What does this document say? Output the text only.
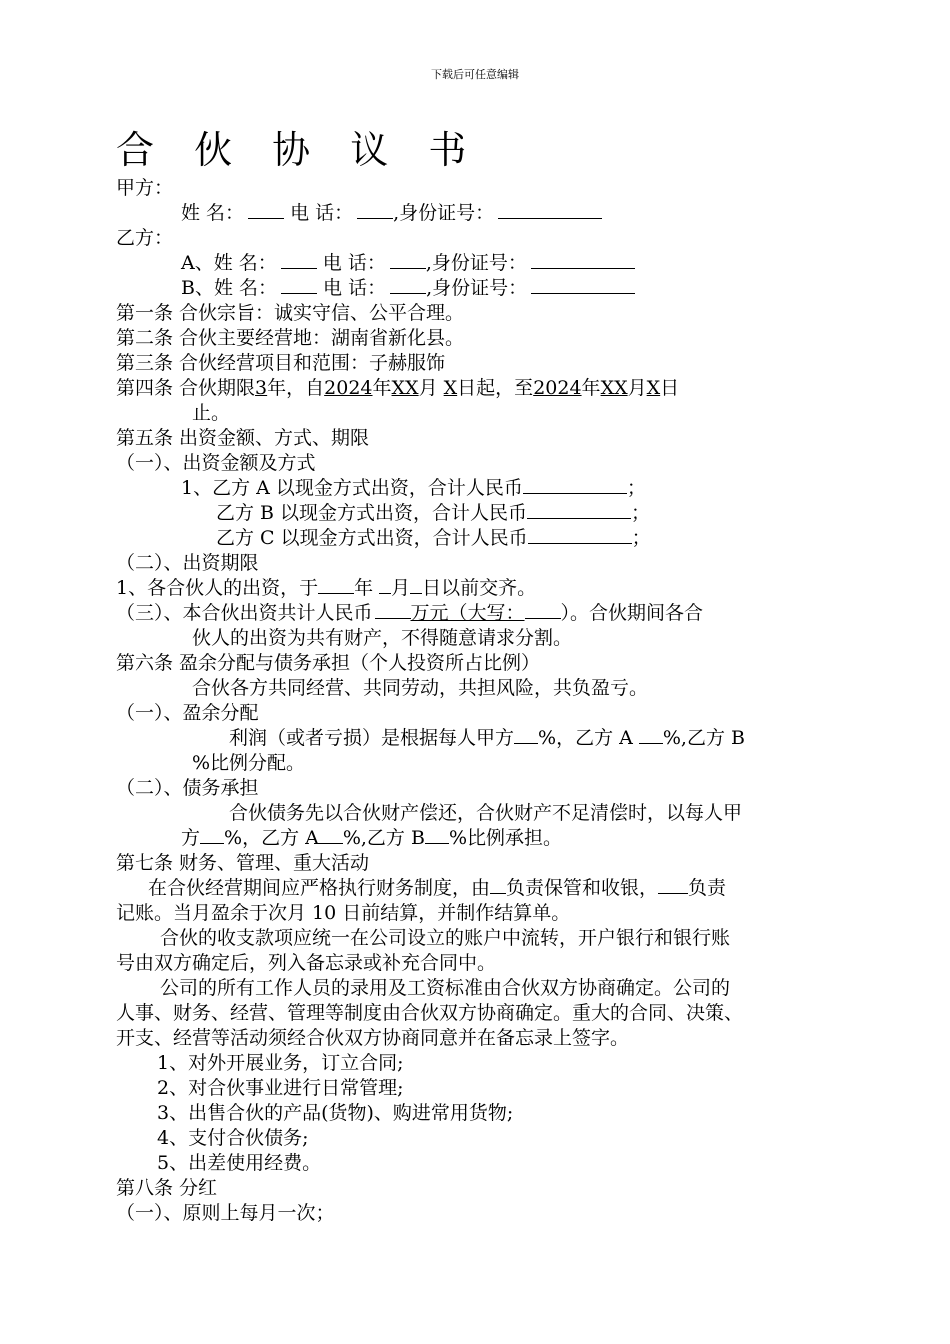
下载后可任意编辑
合 伙 协 议 书
甲方：
姓 名： 电 话： ,身份证号：
乙方：
A、姓 名： 电 话： ,身份证号：
B、姓 名： 电 话： ,身份证号：
第一条 合伙宗旨：诚实守信、公平合理。
第二条 合伙主要经营地：湖南省新化县。
第三条 合伙经营项目和范围：子赫服饰
第四条 合伙期限3年，自2024年XX月 X日起，至2024年XX月X日
止。
第五条 出资金额、方式、期限
（一）、出资金额及方式
1、乙方 A 以现金方式出资，合计人民币	；
乙方 B 以现金方式出资，合计人民币	；
乙方 C 以现金方式出资，合计人民币	；
（二）、出资期限
1、各合伙人的出资，于 年 月 日以前交齐。
（三）、本合伙出资共计人民币 万元（大写： ）。合伙期间各合
伙人的出资为共有财产，不得随意请求分割。
第六条 盈余分配与债务承担（个人投资所占比例）
合伙各方共同经营、共同劳动，共担风险，共负盈亏。
（一）、盈余分配
利润（或者亏损）是根据每人甲方 %，乙方 A %,乙方 B
%比例分配。
（二）、债务承担
合伙债务先以合伙财产偿还，合伙财产不足清偿时，以每人甲
方 %，乙方 A %,乙方 B %比例承担。
第七条 财务、管理、重大活动
在合伙经营期间应严格执行财务制度，由 负责保管和收银， 负责
记账。当月盈余于次月 10 日前结算，并制作结算单。
合伙的收支款项应统一在公司设立的账户中流转，开户银行和银行账
号由双方确定后，列入备忘录或补充合同中。
公司的所有工作人员的录用及工资标准由合伙双方协商确定。公司的
人事、财务、经营、管理等制度由合伙双方协商确定。重大的合同、决策、
开支、经营等活动须经合伙双方协商同意并在备忘录上签字。
1、对外开展业务，订立合同;
2、对合伙事业进行日常管理;
3、出售合伙的产品(货物)、购进常用货物;
4、支付合伙债务;
5、出差使用经费。
第八条 分红
（一）、原则上每月一次；
